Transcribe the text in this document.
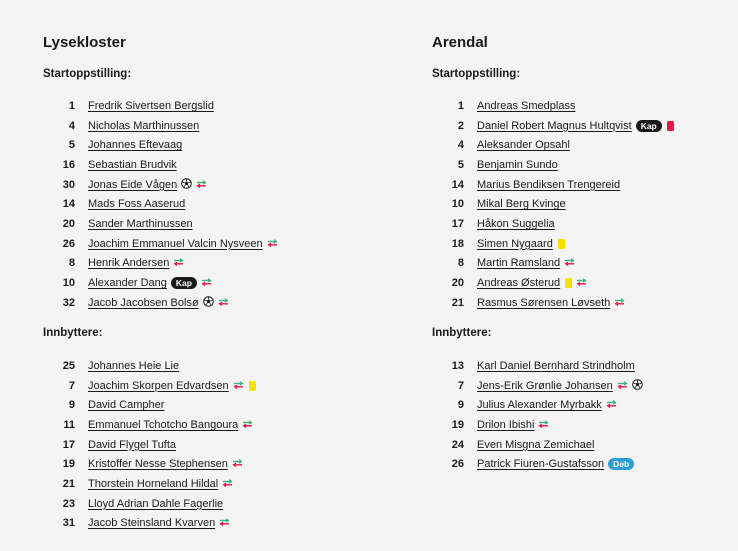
Lysekloster
Startoppstilling:
1 Fredrik Sivertsen Bergslid
4 Nicholas Marthinussen
5 Johannes Eftevaag
16 Sebastian Brudvik
30 Jonas Eide Vågen
14 Mads Foss Aaserud
20 Sander Marthinussen
26 Joachim Emmanuel Valcin Nysveen
8 Henrik Andersen
10 Alexander Dang	Kap
32 Jacob Jacobsen Bolsø
Innbyttere:
25 Johannes Heie Lie
7 Joachim Skorpen Edvardsen
9 David Campher
11 Emmanuel Tchotcho Bangoura
17 David Flygel Tufta
19 Kristoffer Nesse Stephensen
21 Thorstein Horneland Hildal
23 Lloyd Adrian Dahle Fagerlie
31 Jacob Steinsland Kvarven
Arendal
Startoppstilling:
1 Andreas Smedplass
2 Daniel Robert Magnus Hultqvist	Kap
4 Aleksander Opsahl
5 Benjamin Sundo
14 Marius Bendiksen Trengereid
10 Mikal Berg Kvinge
17 Håkon Suggelia
18 Simen Nygaard
8 Martin Ramsland
20 Andreas Østerud
21 Rasmus Sørensen Løvseth
Innbyttere:
13 Karl Daniel Bernhard Strindholm
7 Jens-Erik Grønlie Johansen
9 Julius Alexander Myrbakk
19 Drilon Ibishi
24 Even Misgna Zemichael
26 Patrick Fiuren-Gustafsson	Deb
